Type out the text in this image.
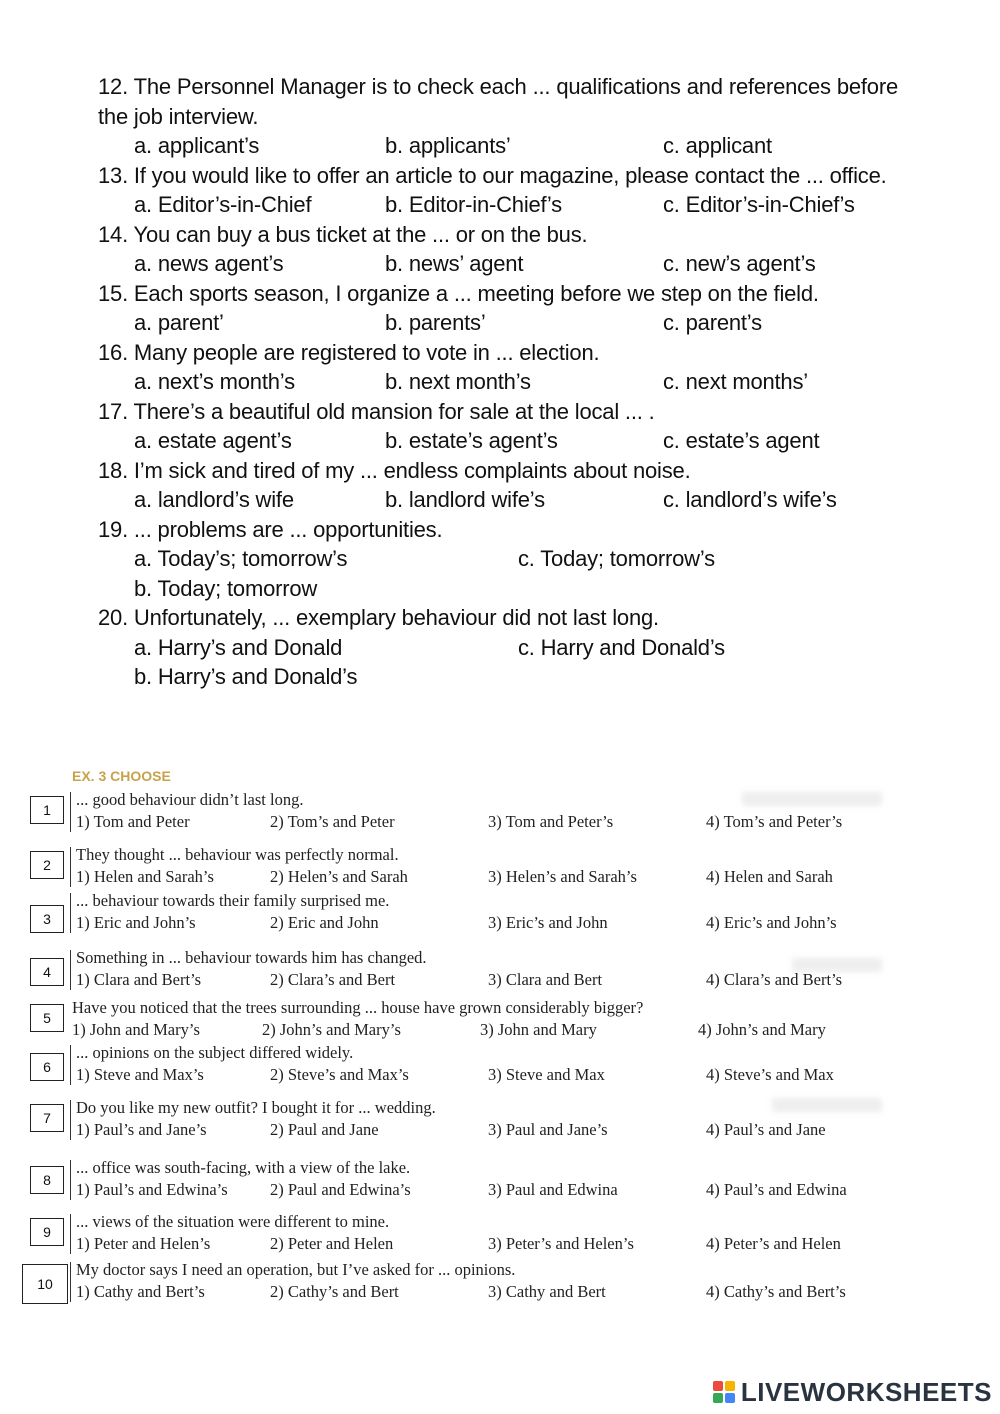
12. The Personnel Manager is to check each ... qualifications and references before the job interview.
a. applicant’s	b. applicants’	c. applicant
13. If you would like to offer an article to our magazine, please contact the ... office.
a. Editor’s-in-Chief	b. Editor-in-Chief’s	c. Editor’s-in-Chief’s
14. You can buy a bus ticket at the ... or on the bus.
a. news agent’s	b. news’ agent	c. new’s agent’s
15. Each sports season, I organize a ... meeting before we step on the field.
a. parent’	b. parents’	c. parent’s
16. Many people are registered to vote in ... election.
a. next’s month’s	b. next month’s	c. next months’
17. There’s a beautiful old mansion for sale at the local ... .
a. estate agent’s	b. estate’s agent’s	c. estate’s agent
18. I’m sick and tired of my ... endless complaints about noise.
a. landlord’s wife	b. landlord wife’s	c. landlord’s wife’s
19. ... problems are ... opportunities.
a. Today’s; tomorrow’s	c. Today; tomorrow’s
b. Today; tomorrow
20. Unfortunately, ... exemplary behaviour did not last long.
a. Harry’s and Donald	c. Harry and Donald’s
b. Harry’s and Donald’s
EX. 3 CHOOSE
1
... good behaviour didn’t last long.
1) Tom and Peter	2) Tom’s and Peter	3) Tom and Peter’s	4) Tom’s and Peter’s
2
They thought ... behaviour was perfectly normal.
1) Helen and Sarah’s	2) Helen’s and Sarah	3) Helen’s and Sarah’s	4) Helen and Sarah
3
... behaviour towards their family surprised me.
1) Eric and John’s	2) Eric and John	3) Eric’s and John	4) Eric’s and John’s
4
Something in ... behaviour towards him has changed.
1) Clara and Bert’s	2) Clara’s and Bert	3) Clara and Bert	4) Clara’s and Bert’s
5
Have you noticed that the trees surrounding ... house have grown considerably bigger?
1) John and Mary’s	2) John’s and Mary’s	3) John and Mary	4) John’s and Mary
6
... opinions on the subject differed widely.
1) Steve and Max’s	2) Steve’s and Max’s	3) Steve and Max	4) Steve’s and Max
7
Do you like my new outfit? I bought it for ... wedding.
1) Paul’s and Jane’s	2) Paul and Jane	3) Paul and Jane’s	4) Paul’s and Jane
8
... office was south-facing, with a view of the lake.
1) Paul’s and Edwina’s	2) Paul and Edwina’s	3) Paul and Edwina	4) Paul’s and Edwina
9
... views of the situation were different to mine.
1) Peter and Helen’s	2) Peter and Helen	3) Peter’s and Helen’s	4) Peter’s and Helen
10
My doctor says I need an operation, but I’ve asked for ... opinions.
1) Cathy and Bert’s	2) Cathy’s and Bert	3) Cathy and Bert	4) Cathy’s and Bert’s
LIVEWORKSHEETS
